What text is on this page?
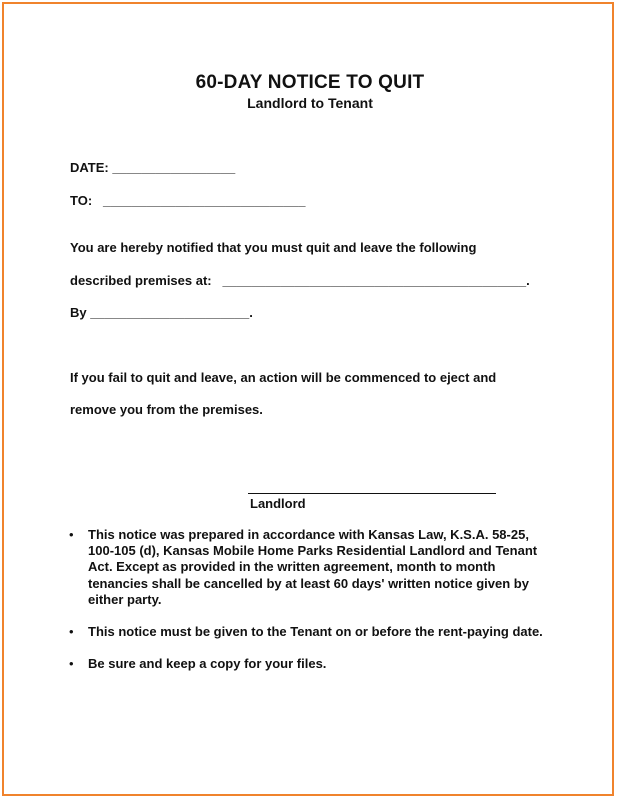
60-DAY NOTICE TO QUIT
Landlord to Tenant
DATE: _________________
TO:   ____________________________
You are hereby notified that you must quit and leave the following
described premises at:   __________________________________________.
By ______________________.
If you fail to quit and leave, an action will be commenced to eject and
remove you from the premises.
Landlord
• This notice was prepared in accordance with Kansas Law, K.S.A. 58-25, 100-105 (d), Kansas Mobile Home Parks Residential Landlord and Tenant Act. Except as provided in the written agreement, month to month tenancies shall be cancelled by at least 60 days' written notice given by either party.
• This notice must be given to the Tenant on or before the rent-paying date.
• Be sure and keep a copy for your files.
